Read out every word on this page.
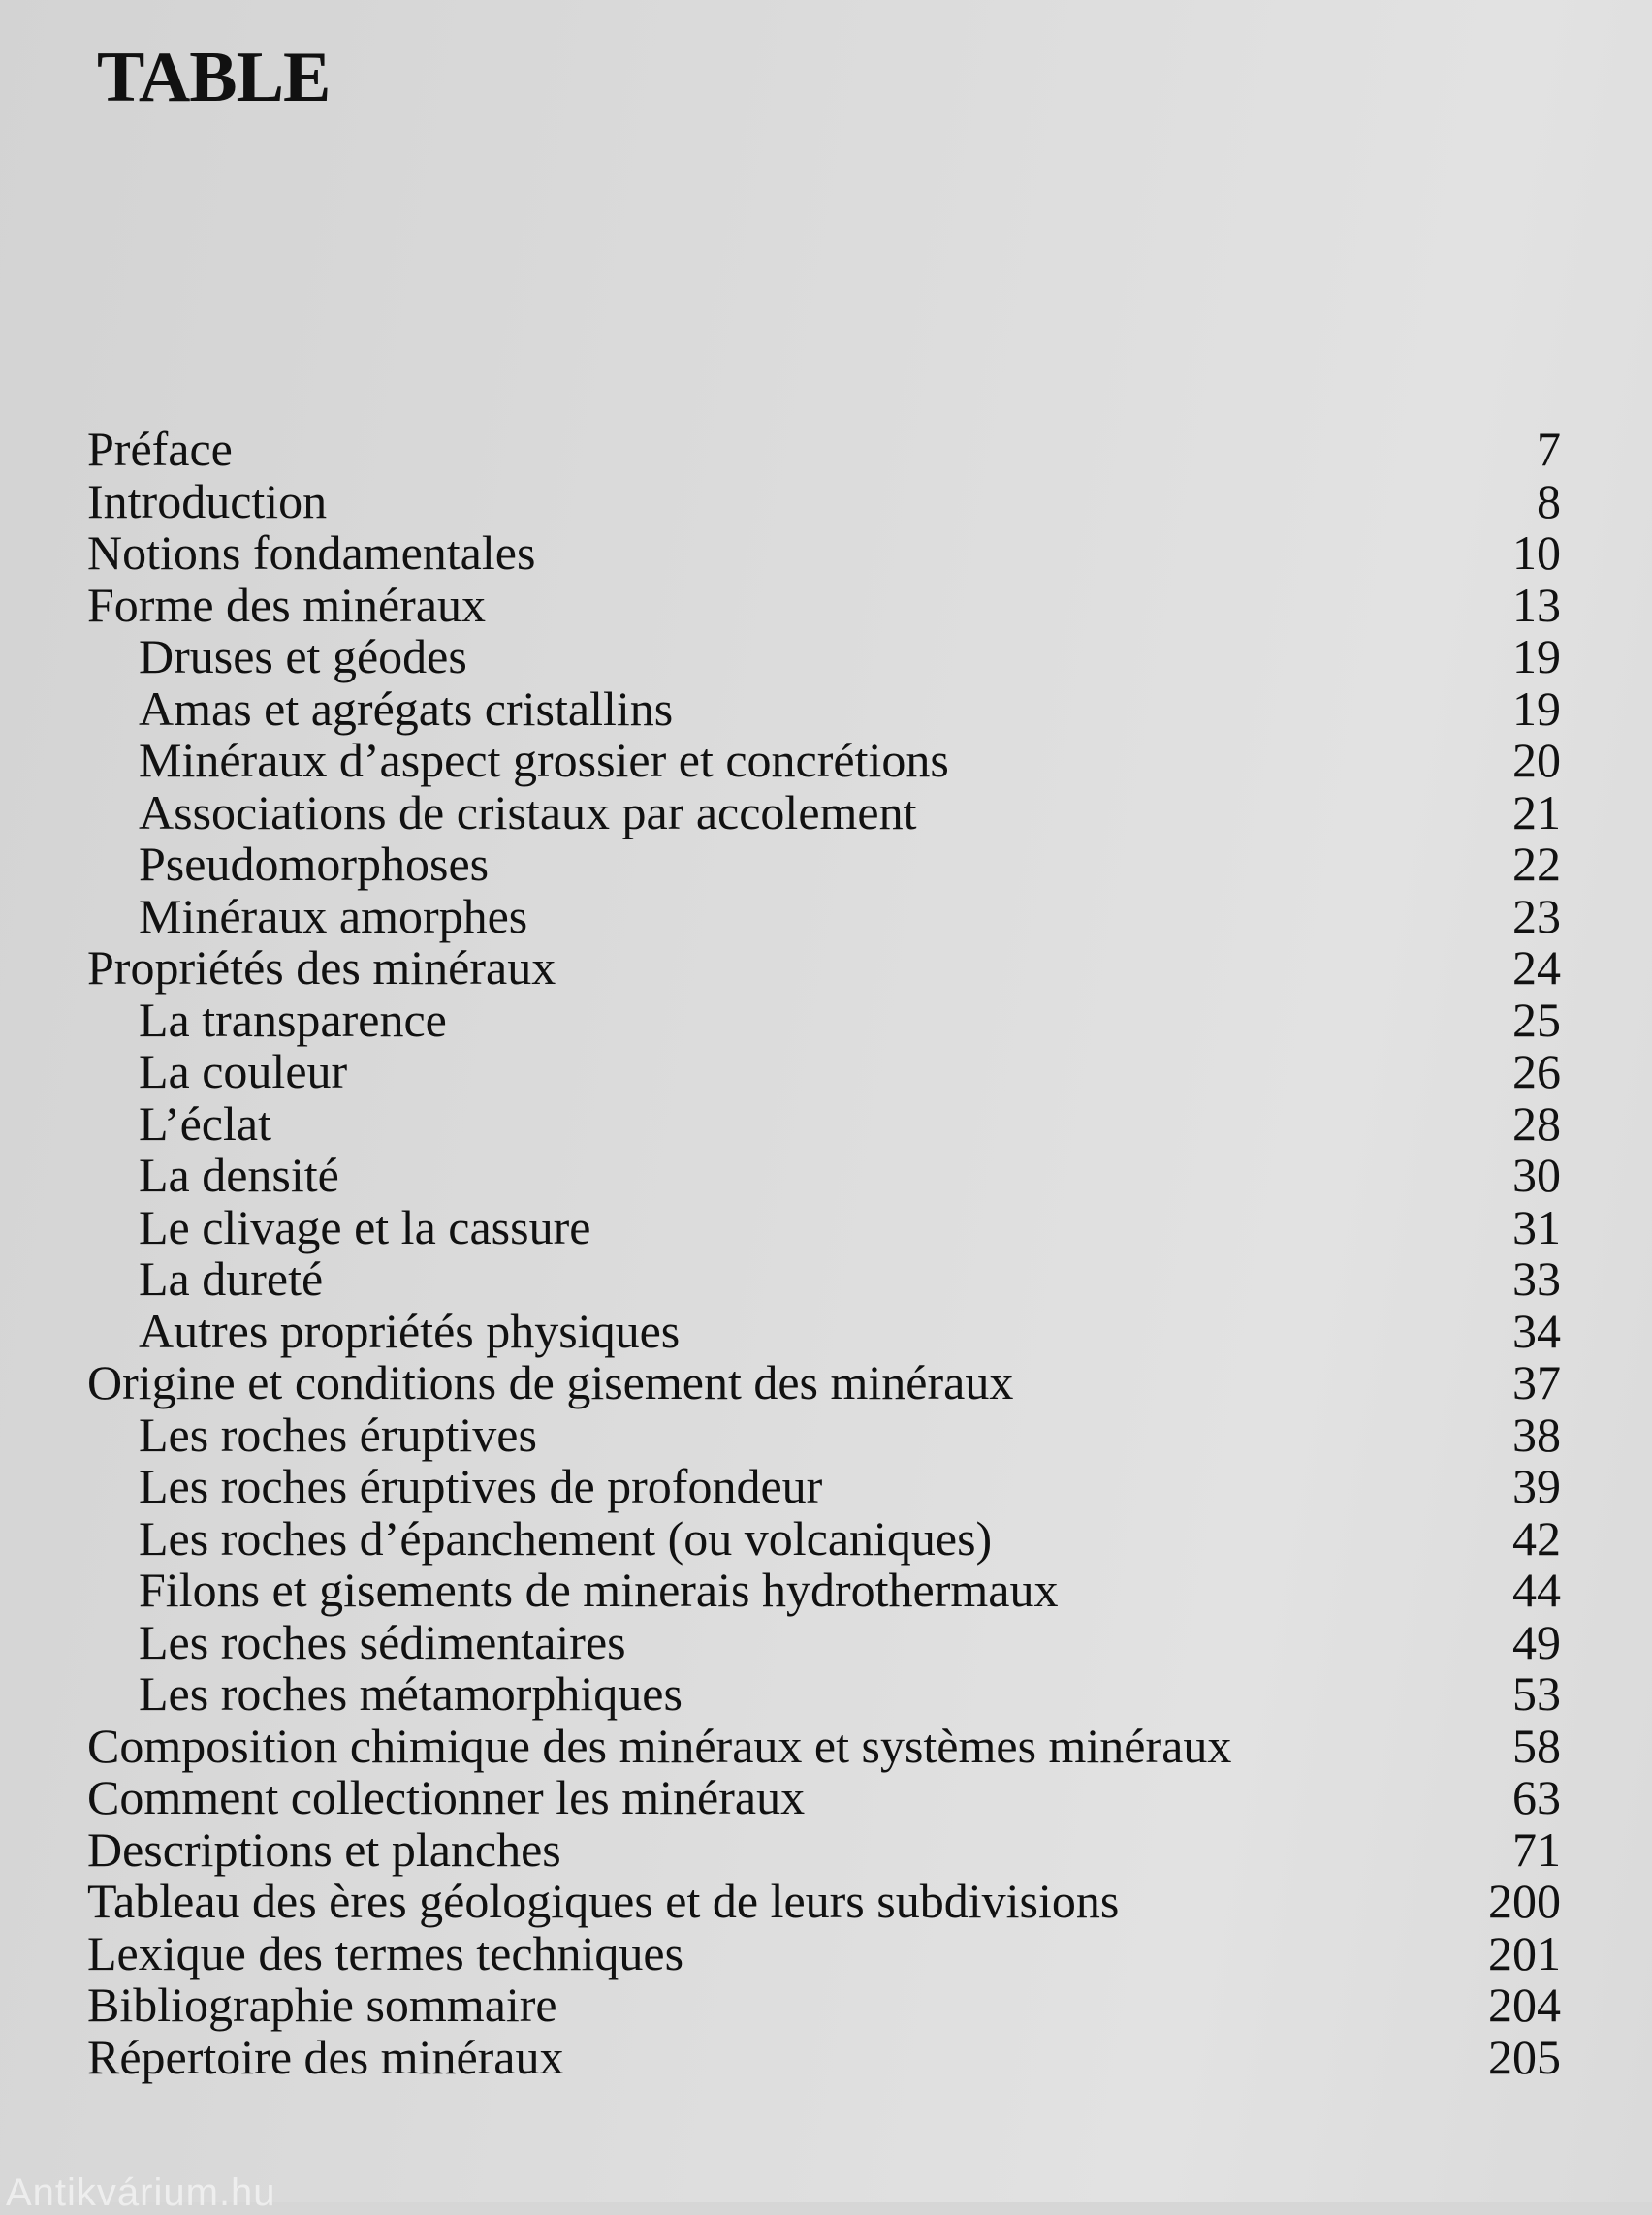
TABLE
Préface	7
Introduction	8
Notions fondamentales	10
Forme des minéraux	13
Druses et géodes	19
Amas et agrégats cristallins	19
Minéraux d’aspect grossier et concrétions	20
Associations de cristaux par accolement	21
Pseudomorphoses	22
Minéraux amorphes	23
Propriétés des minéraux	24
La transparence	25
La couleur	26
L’éclat	28
La densité	30
Le clivage et la cassure	31
La dureté	33
Autres propriétés physiques	34
Origine et conditions de gisement des minéraux	37
Les roches éruptives	38
Les roches éruptives de profondeur	39
Les roches d’épanchement (ou volcaniques)	42
Filons et gisements de minerais hydrothermaux	44
Les roches sédimentaires	49
Les roches métamorphiques	53
Composition chimique des minéraux et systèmes minéraux	58
Comment collectionner les minéraux	63
Descriptions et planches	71
Tableau des ères géologiques et de leurs subdivisions	200
Lexique des termes techniques	201
Bibliographie sommaire	204
Répertoire des minéraux	205
Antikvárium.hu
